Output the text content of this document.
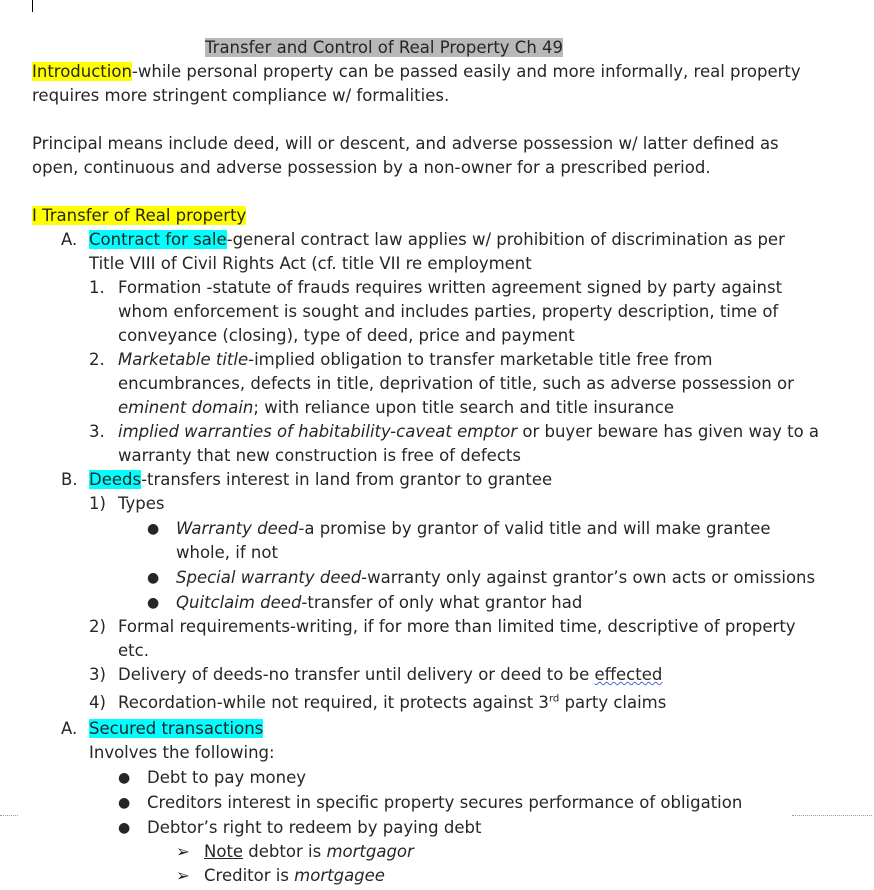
Transfer and Control of Real Property Ch 49
Introduction-while personal property can be passed easily and more informally, real property
requires more stringent compliance w/ formalities.
Principal means include deed, will or descent, and adverse possession w/ latter defined as
open, continuous and adverse possession by a non-owner for a prescribed period.
I Transfer of Real property
A. Contract for sale-general contract law applies w/ prohibition of discrimination as per
Title VIII of Civil Rights Act (cf. title VII re employment
1. Formation -statute of frauds requires written agreement signed by party against
whom enforcement is sought and includes parties, property description, time of
conveyance (closing), type of deed, price and payment
2. Marketable title-implied obligation to transfer marketable title free from
encumbrances, defects in title, deprivation of title, such as adverse possession or
eminent domain; with reliance upon title search and title insurance
3. implied warranties of habitability-caveat emptor or buyer beware has given way to a
warranty that new construction is free of defects
B. Deeds-transfers interest in land from grantor to grantee
1) Types
● Warranty deed-a promise by grantor of valid title and will make grantee
whole, if not
● Special warranty deed-warranty only against grantor’s own acts or omissions
● Quitclaim deed-transfer of only what grantor had
2) Formal requirements-writing, if for more than limited time, descriptive of property
etc.
3) Delivery of deeds-no transfer until delivery or deed to be effected
4) Recordation-while not required, it protects against 3rd party claims
A. Secured transactions
Involves the following:
● Debt to pay money
● Creditors interest in specific property secures performance of obligation
● Debtor’s right to redeem by paying debt
➢ Note debtor is mortgagor
➢ Creditor is mortgagee
